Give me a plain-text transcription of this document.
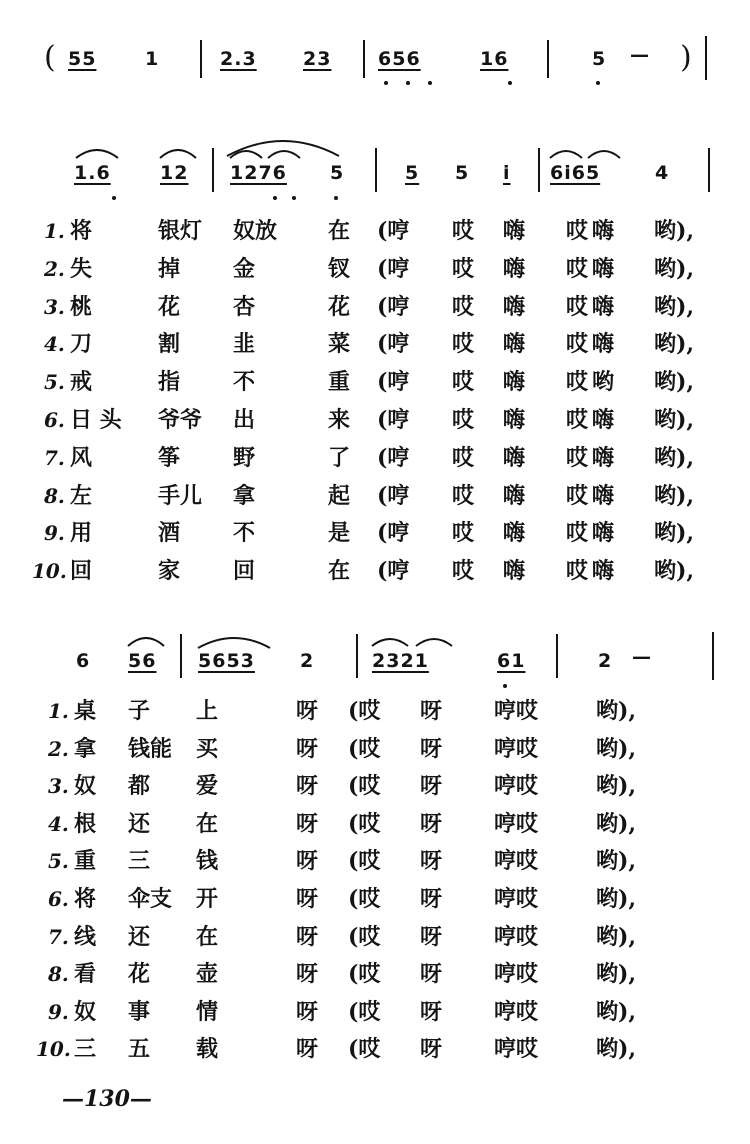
( 55	1	2.3 23 656	16	5 — )
1.6	12 1276 5	5 5 i 6i65	4
1. 将	银灯 奴放 在 (哼 哎 嗨 哎 嗨 哟),
2. 失	掉 金	钗 (哼 哎 嗨 哎 嗨 哟),
3. 桃	花 杏	花 (哼 哎 嗨 哎 嗨 哟),
4. 刀	割 韭	菜 (哼 哎 嗨 哎 嗨 哟),
5. 戒	指 不	重 (哼 哎 嗨 哎 哟 哟),
6. 日 头 爷爷 出	来 (哼 哎 嗨 哎 嗨 哟),
7. 风	筝 野	了 (哼 哎 嗨 哎 嗨 哟),
8. 左	手儿 拿	起 (哼 哎 嗨 哎 嗨 哟),
9. 用	酒 不	是 (哼 哎 嗨 哎 嗨 哟),
10. 回	家 回	在 (哼 哎 嗨 哎 嗨 哟),
6 56 5653 2	2321	61	2 —
1. 桌 子 上	呀 (哎 呀 哼哎	哟),
2. 拿 钱能 买	呀 (哎 呀 哼哎	哟),
3. 奴 都 爱	呀 (哎 呀 哼哎	哟),
4. 根 还 在	呀 (哎 呀 哼哎	哟),
5. 重 三 钱	呀 (哎 呀 哼哎	哟),
6. 将 伞支 开	呀 (哎 呀 哼哎	哟),
7. 线 还 在	呀 (哎 呀 哼哎	哟),
8. 看 花 壶	呀 (哎 呀 哼哎	哟),
9. 奴 事 情	呀 (哎 呀 哼哎	哟),
10. 三 五 载	呀 (哎 呀 哼哎	哟),
—130—
